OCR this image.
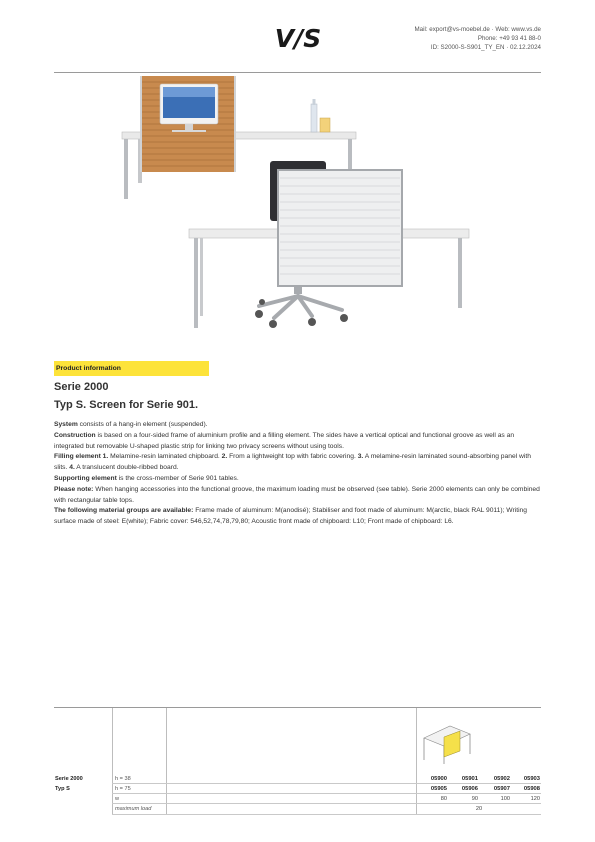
V/S	Mail: export@vs-moebel.de · Web: www.vs.de
Phone: +49 93 41 88-0
ID: S2000-S-S901_TY_EN · 02.12.2024
Product information
Serie 2000
Typ S. Screen for Serie 901.

System consists of a hang-in element (suspended).

Construction is based on a four-sided frame of aluminium profile and a filling element. The sides have a vertical optical and functional groove as well as an integrated but removable U-shaped plastic strip for linking two privacy screens without using tools.

Filling element 1. Melamine-resin laminated chipboard. 2. From a lightweight top with fabric covering. 3. A melamine-resin laminated sound-absorbing panel with slits. 4. A translucent double-ribbed board.

Supporting element is the cross-member of Serie 901 tables.

Please note: When hanging accessories into the functional groove, the maximum loading must be observed (see table). Serie 2000 elements can only be combined with rectangular table tops.

The following material groups are available: Frame made of aluminum: M(anodisé); Stabiliser and foot made of aluminum: M(arctic, black RAL 9011); Writing surface made of steel: E(white); Fabric cover: 546,52,74,78,79,80; Acoustic front made of chipboard: L10; Front made of chipboard: L6.

Serie 2000	h = 38	05900	05901	05902	05903
Typ S	h = 75	05905	05906	05907	05908
w	80	90	100	120
maximum load	20
